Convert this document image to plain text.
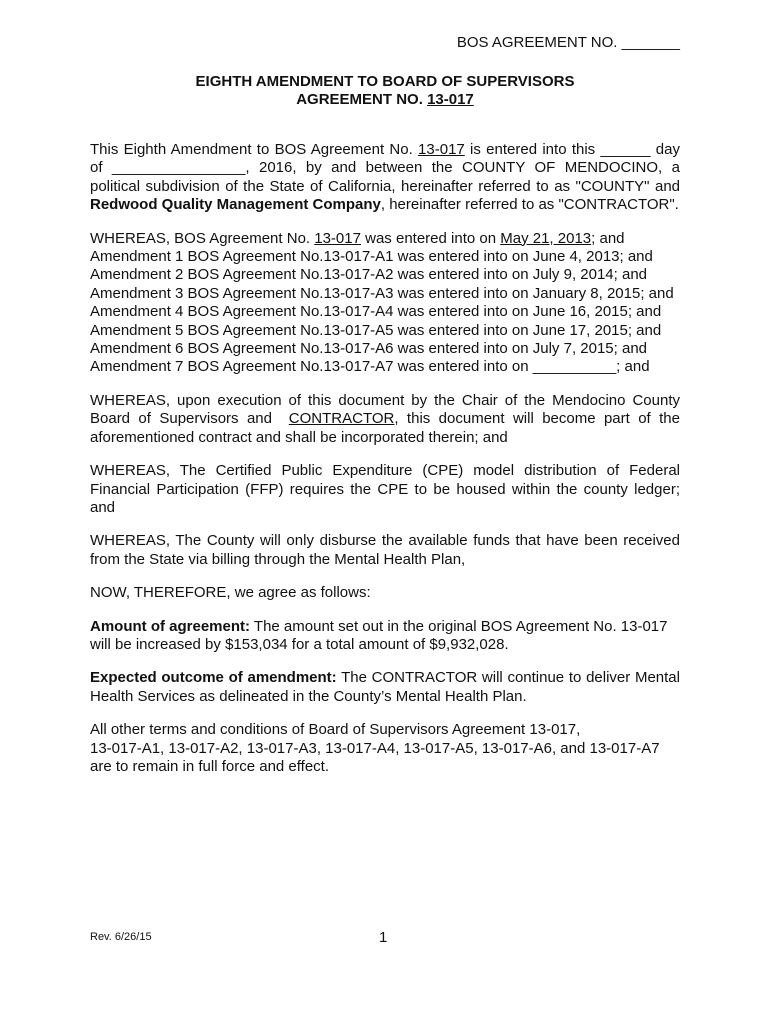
BOS AGREEMENT NO. _______
EIGHTH AMENDMENT TO BOARD OF SUPERVISORS
AGREEMENT NO. 13-017

This Eighth Amendment to BOS Agreement No. 13-017 is entered into this ______ day of ________________, 2016, by and between the COUNTY OF MENDOCINO, a political subdivision of the State of California, hereinafter referred to as "COUNTY" and Redwood Quality Management Company, hereinafter referred to as "CONTRACTOR".

WHEREAS, BOS Agreement No. 13-017 was entered into on May 21, 2013; and
Amendment 1 BOS Agreement No.13-017-A1 was entered into on June 4, 2013; and
Amendment 2 BOS Agreement No.13-017-A2 was entered into on July 9, 2014; and
Amendment 3 BOS Agreement No.13-017-A3 was entered into on January 8, 2015; and
Amendment 4 BOS Agreement No.13-017-A4 was entered into on June 16, 2015; and
Amendment 5 BOS Agreement No.13-017-A5 was entered into on June 17, 2015; and
Amendment 6 BOS Agreement No.13-017-A6 was entered into on July 7, 2015; and
Amendment 7 BOS Agreement No.13-017-A7 was entered into on __________; and

WHEREAS, upon execution of this document by the Chair of the Mendocino County Board of Supervisors and  CONTRACTOR, this document will become part of the aforementioned contract and shall be incorporated therein; and

WHEREAS, The Certified Public Expenditure (CPE) model distribution of Federal Financial Participation (FFP) requires the CPE to be housed within the county ledger; and

WHEREAS, The County will only disburse the available funds that have been received from the State via billing through the Mental Health Plan,

NOW, THEREFORE, we agree as follows:

Amount of agreement: The amount set out in the original BOS Agreement No. 13-017 will be increased by $153,034 for a total amount of $9,932,028.

Expected outcome of amendment: The CONTRACTOR will continue to deliver Mental Health Services as delineated in the County’s Mental Health Plan.

All other terms and conditions of Board of Supervisors Agreement 13-017,
13-017-A1, 13-017-A2, 13-017-A3, 13-017-A4, 13-017-A5, 13-017-A6, and 13-017-A7
are to remain in full force and effect.

Rev. 6/26/15	1
